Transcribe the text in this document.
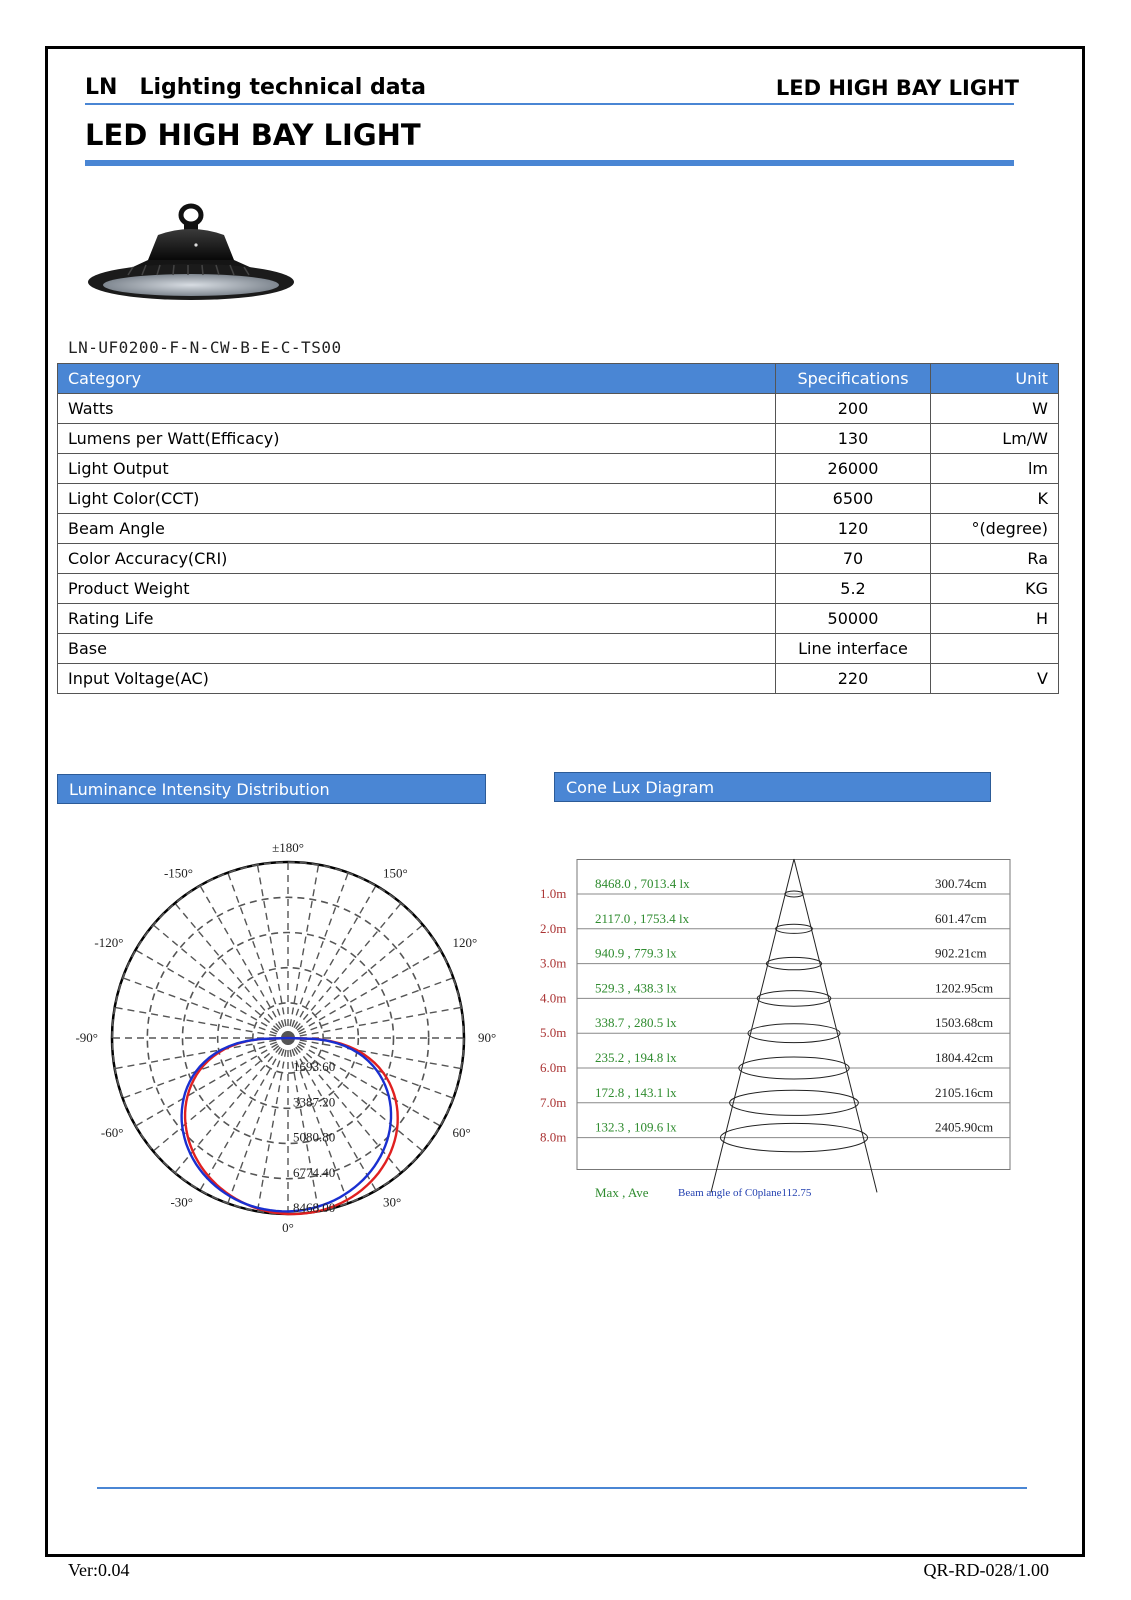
LN Lighting technical data	LED HIGH BAY LIGHT
LED HIGH BAY LIGHT
LN-UF0200-F-N-CW-B-E-C-TS00
Category	Specifications	Unit
Watts	200	W
Lumens per Watt(Efficacy)	130	Lm/W
Light Output	26000	lm
Light Color(CCT)	6500	K
Beam Angle	120	°(degree)
Color Accuracy(CRI)	70	Ra
Product Weight	5.2	KG
Rating Life	50000	H
Base	Line interface	
Input Voltage(AC)	220	V
Luminance Intensity Distribution	Cone Lux Diagram
±180°
150°
120°
90°
60°
30°
0°
-30°
-60°
-90°
-120°
-150°
1693.60
3387.20
5080.80
6774.40
8468.00
1.0m
8468.0 , 7013.4 lx	300.74cm
2.0m
2117.0 , 1753.4 lx	601.47cm
3.0m
940.9 , 779.3 lx	902.21cm
4.0m
529.3 , 438.3 lx	1202.95cm
5.0m
338.7 , 280.5 lx	1503.68cm
6.0m
235.2 , 194.8 lx	1804.42cm
7.0m
172.8 , 143.1 lx	2105.16cm
8.0m
132.3 , 109.6 lx	2405.90cm
Max , Ave	Beam angle of C0plane112.75
Ver:0.04	QR-RD-028/1.00
